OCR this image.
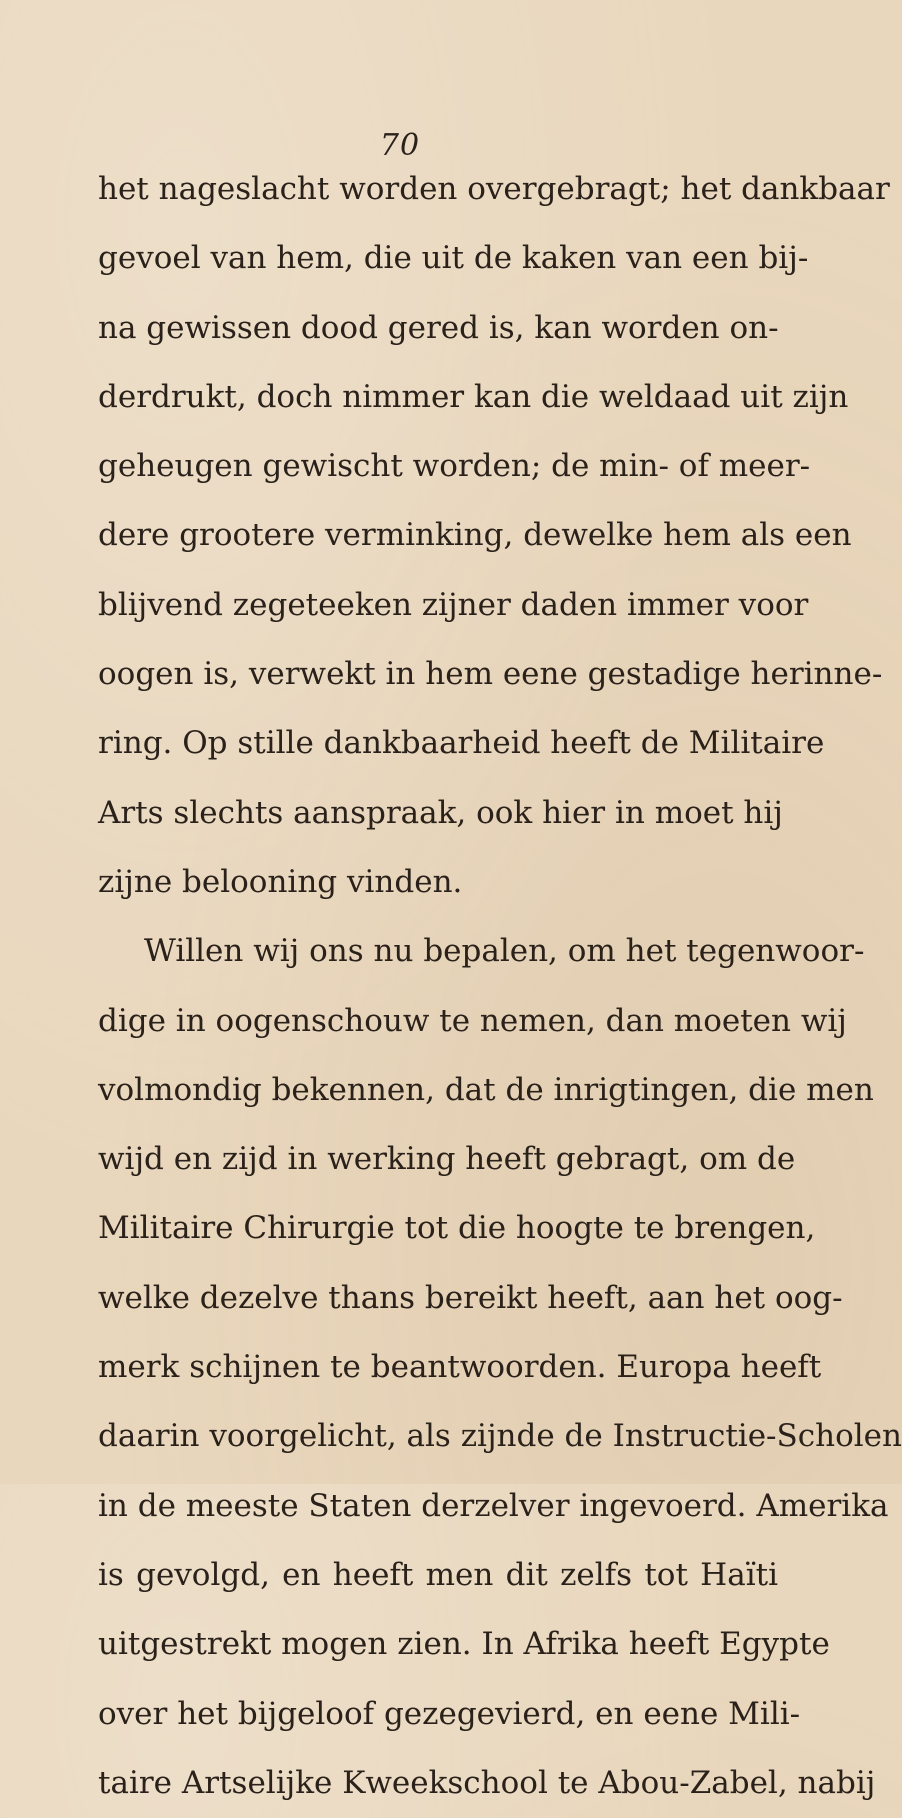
70
het nageslacht worden overgebragt; het dankbaar
gevoel van hem, die uit de kaken van een bij-
na gewissen dood gered is, kan worden on-
derdrukt, doch nimmer kan die weldaad uit zijn
geheugen gewischt worden; de min- of meer-
dere grootere verminking, dewelke hem als een
blijvend zegeteeken zijner daden immer voor
oogen is, verwekt in hem eene gestadige herinne-
ring. Op stille dankbaarheid heeft de Militaire
Arts slechts aanspraak, ook hier in moet hij
zijne belooning vinden.
Willen wij ons nu bepalen, om het tegenwoor-
dige in oogenschouw te nemen, dan moeten wij
volmondig bekennen, dat de inrigtingen, die men
wijd en zijd in werking heeft gebragt, om de
Militaire Chirurgie tot die hoogte te brengen,
welke dezelve thans bereikt heeft, aan het oog-
merk schijnen te beantwoorden. Europa heeft
daarin voorgelicht, als zijnde de Instructie-Scholen
in de meeste Staten derzelver ingevoerd. Amerika
is gevolgd, en heeft men dit zelfs tot Haïti
uitgestrekt mogen zien. In Afrika heeft Egypte
over het bijgeloof gezegevierd, en eene Mili-
taire Artselijke Kweekschool te Abou-Zabel, nabij
